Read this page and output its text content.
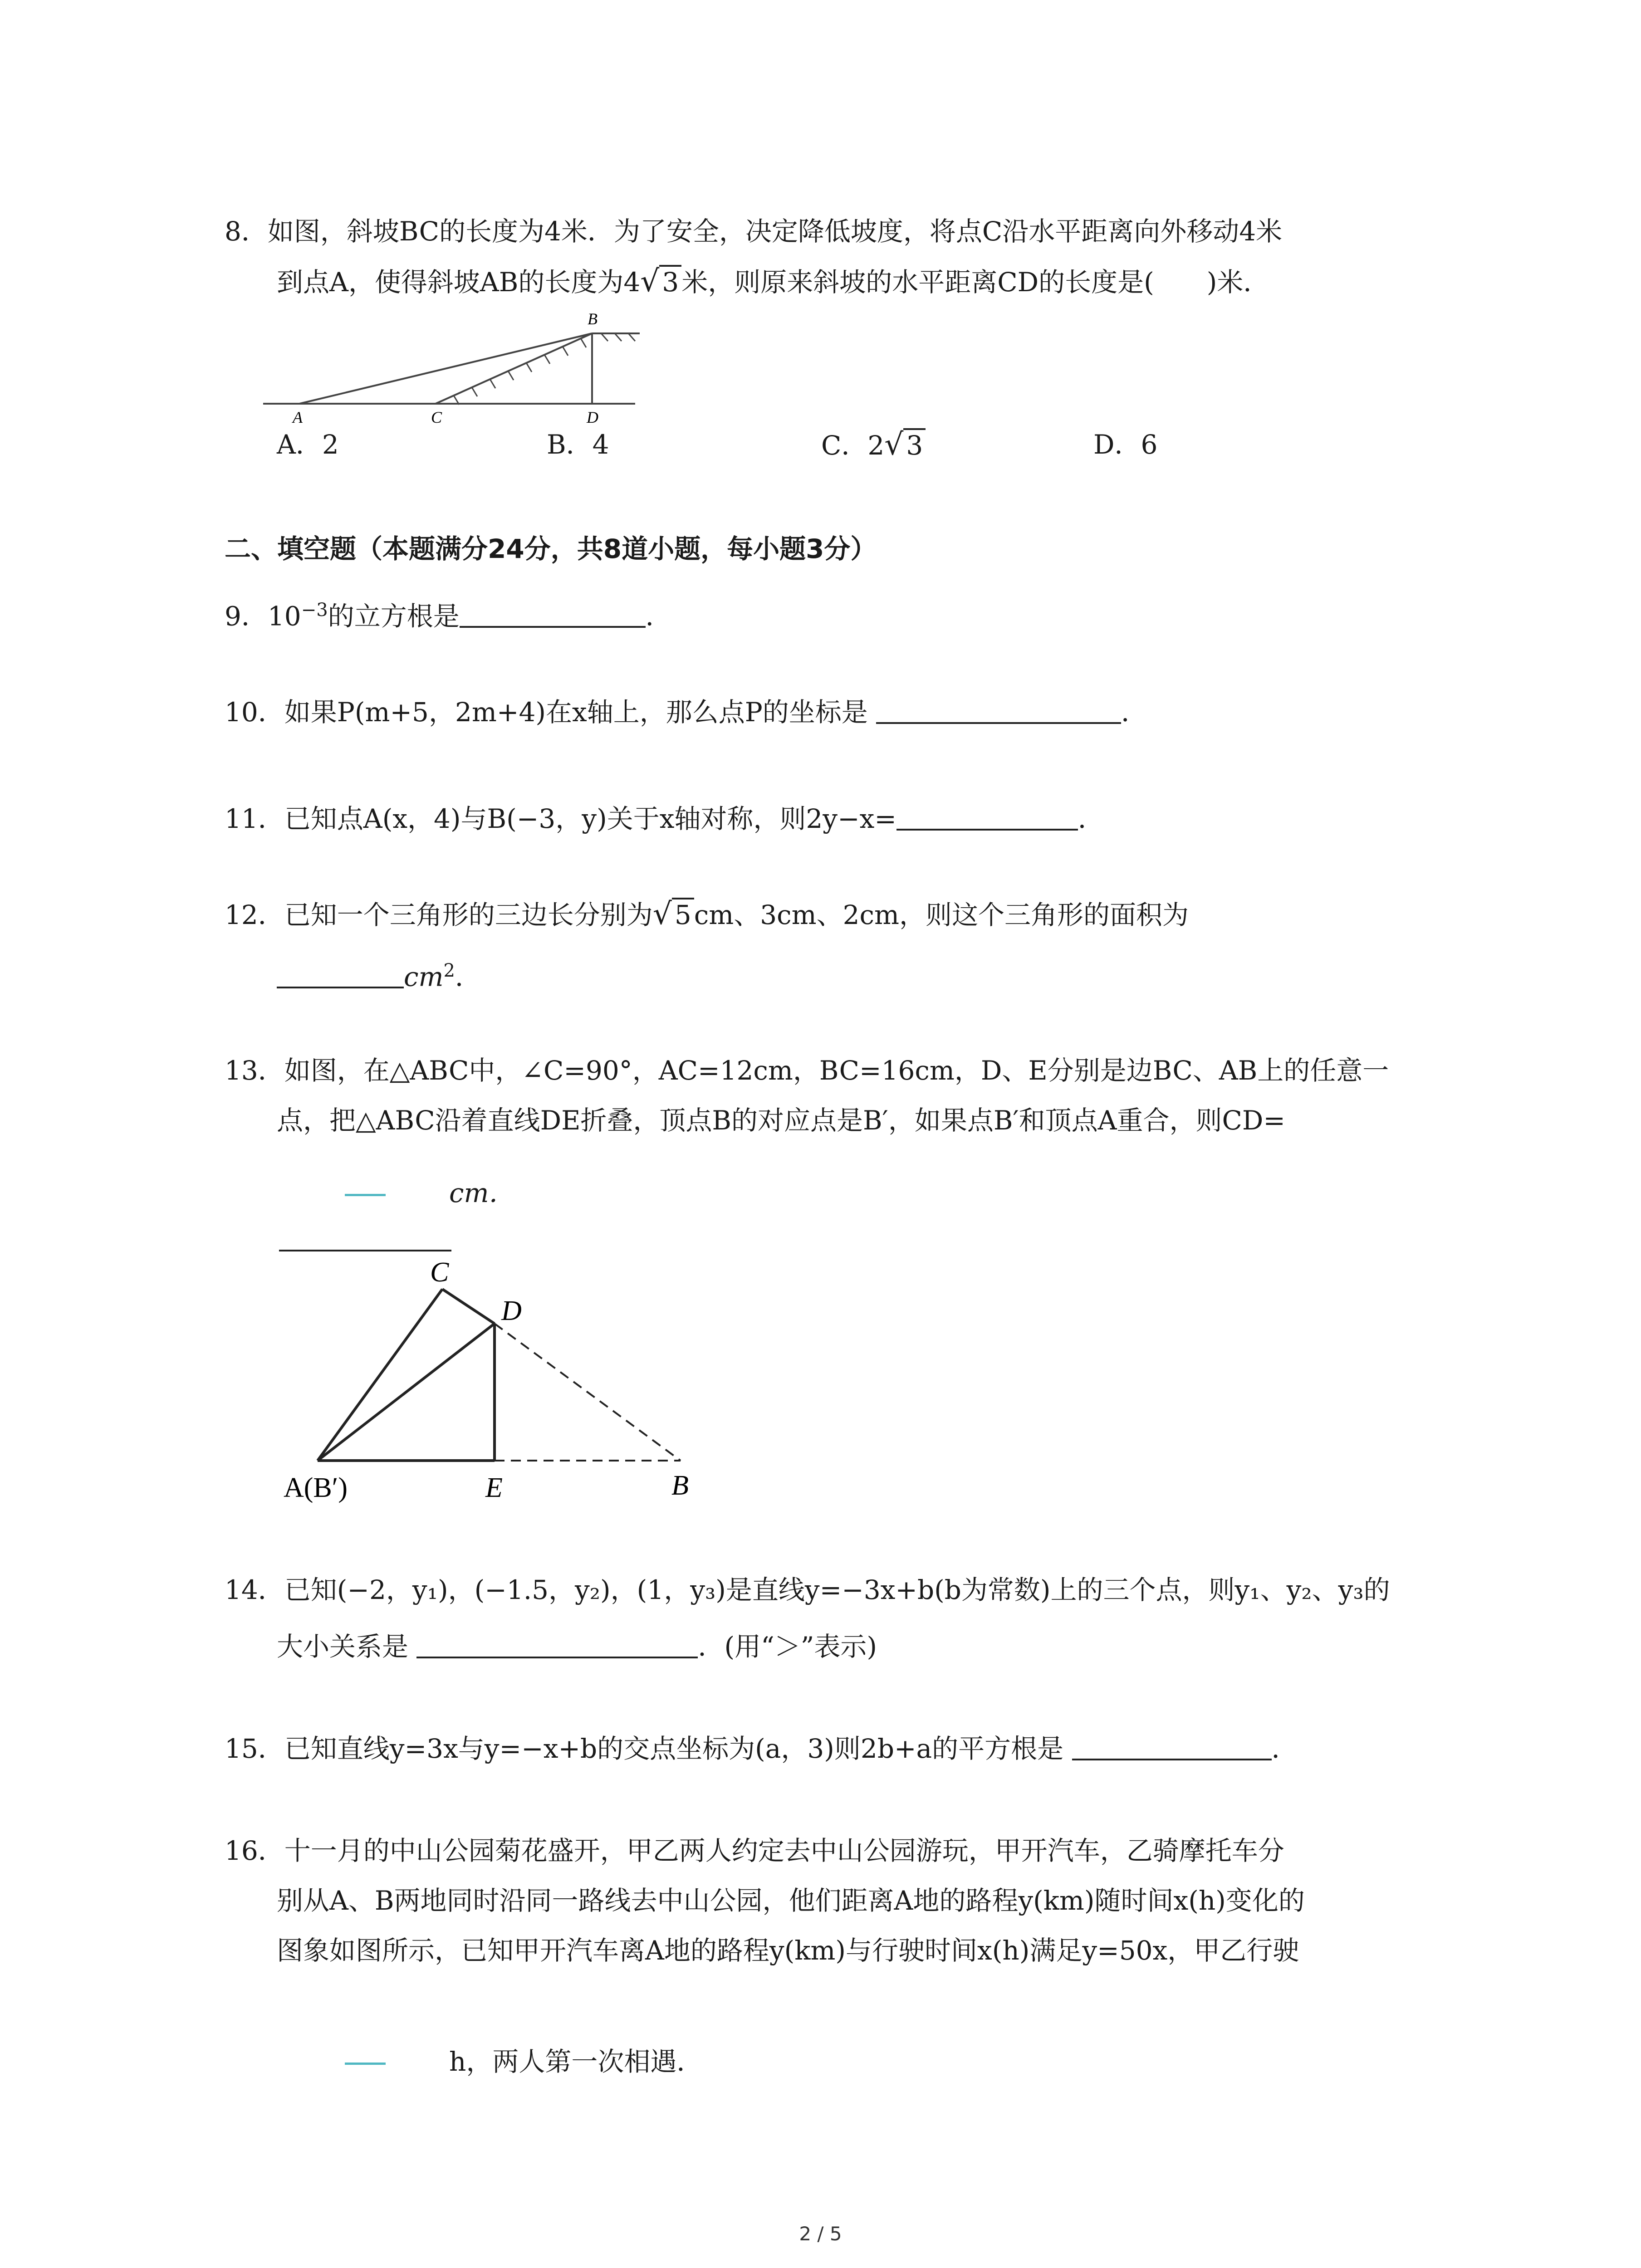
8．如图，斜坡BC的长度为4米．为了安全，决定降低坡度，将点C沿水平距离向外移动4米
到点A，使得斜坡AB的长度为4√ 3 米，则原来斜坡的水平距离CD的长度是(　　)米．
A	C	D
B
A．2	B．4	C．2√ 3	D．6
二、填空题（本题满分24分，共8道小题，每小题3分）
9．$10^{-3}$的立方根是	．
10．如果P(m+5，2m+4)在x轴上，那么点P的坐标是	．
11．已知点A(x，4)与B(−3，y)关于x轴对称，则2y−x=	．
12．已知一个三角形的三边长分别为√ 5 cm、3cm、2cm，则这个三角形的面积为
$cm^2$．
13．如图，在△ABC中，∠C=90°，AC=12cm，BC=16cm，D、E分别是边BC、AB上的任意一
点，把△ABC沿着直线DE折叠，顶点B的对应点是B′，如果点B′和顶点A重合，则CD=
cm．
C
D
A(B′)	E	B
14．已知(−2，y₁)，(−1.5，y₂)，(1，y₃)是直线y=−3x+b(b为常数)上的三个点，则y₁、y₂、y₃的
大小关系是	．(用“＞”表示)
15．已知直线y=3x与y=−x+b的交点坐标为(a，3)则2b+a的平方根是	．
16．十一月的中山公园菊花盛开，甲乙两人约定去中山公园游玩，甲开汽车，乙骑摩托车分
别从A、B两地同时沿同一路线去中山公园，他们距离A地的路程y(km)随时间x(h)变化的
图象如图所示，已知甲开汽车离A地的路程y(km)与行驶时间x(h)满足y=50x，甲乙行驶
h，两人第一次相遇．
2 / 5
